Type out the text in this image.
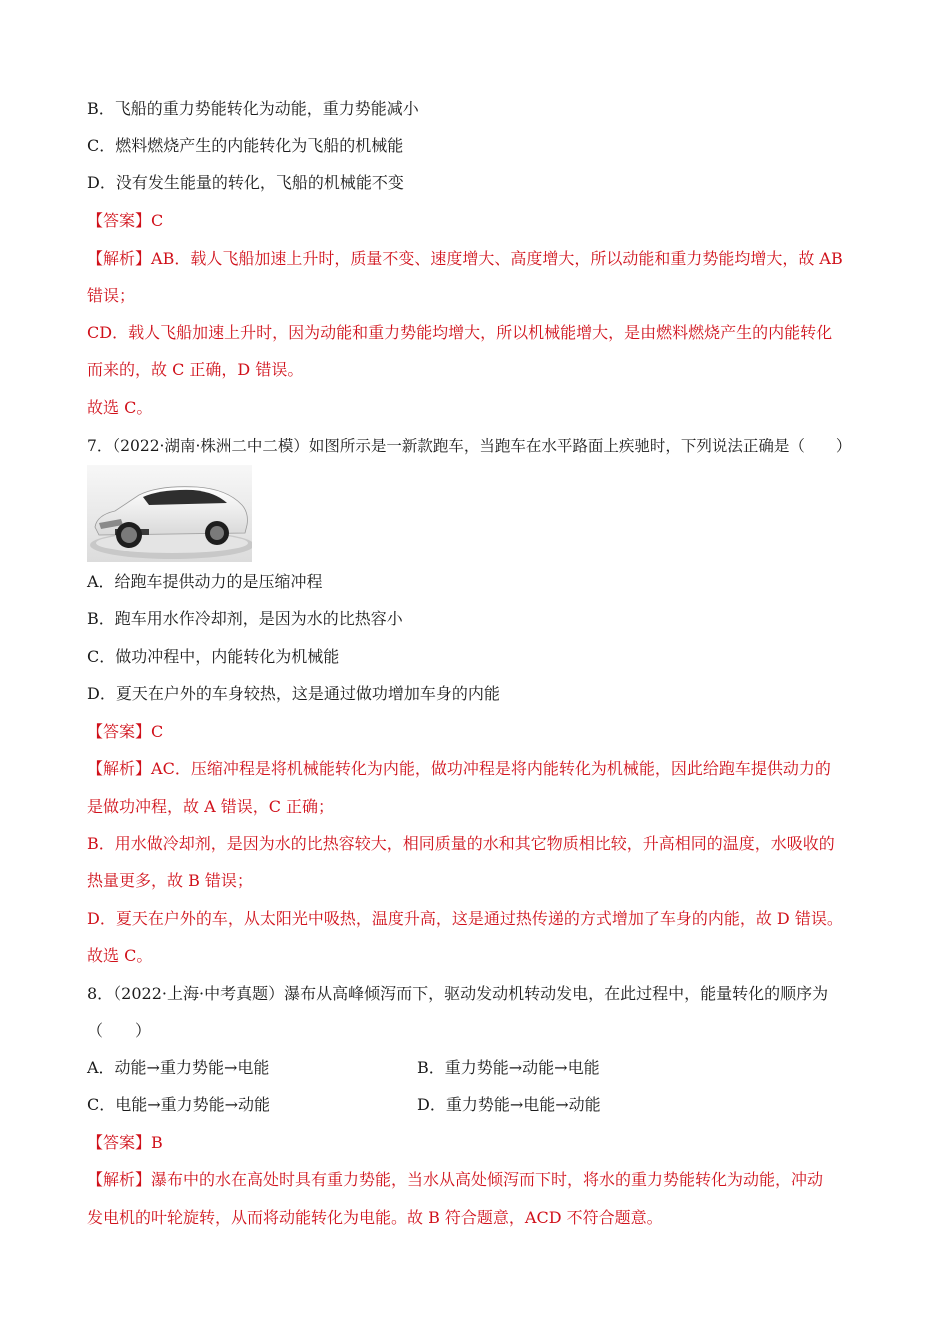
B．飞船的重力势能转化为动能，重力势能减小
C．燃料燃烧产生的内能转化为飞船的机械能
D．没有发生能量的转化，飞船的机械能不变
【答案】C
【解析】AB．载人飞船加速上升时，质量不变、速度增大、高度增大，所以动能和重力势能均增大，故 AB
错误；
CD．载人飞船加速上升时，因为动能和重力势能均增大，所以机械能增大，是由燃料燃烧产生的内能转化
而来的，故 C 正确，D 错误。
故选 C。
7．（2022·湖南·株洲二中二模）如图所示是一新款跑车，当跑车在水平路面上疾驰时，下列说法正确是（　　）
A．给跑车提供动力的是压缩冲程
B．跑车用水作冷却剂，是因为水的比热容小
C．做功冲程中，内能转化为机械能
D．夏天在户外的车身较热，这是通过做功增加车身的内能
【答案】C
【解析】AC．压缩冲程是将机械能转化为内能，做功冲程是将内能转化为机械能，因此给跑车提供动力的
是做功冲程，故 A 错误，C 正确；
B．用水做冷却剂，是因为水的比热容较大，相同质量的水和其它物质相比较，升高相同的温度，水吸收的
热量更多，故 B 错误；
D．夏天在户外的车，从太阳光中吸热，温度升高，这是通过热传递的方式增加了车身的内能，故 D 错误。
故选 C。
8．（2022·上海·中考真题）瀑布从高峰倾泻而下，驱动发动机转动发电，在此过程中，能量转化的顺序为
（　　）
A．动能→重力势能→电能	B．重力势能→动能→电能
C．电能→重力势能→动能	D．重力势能→电能→动能
【答案】B
【解析】瀑布中的水在高处时具有重力势能，当水从高处倾泻而下时，将水的重力势能转化为动能，冲动
发电机的叶轮旋转，从而将动能转化为电能。故 B 符合题意，ACD 不符合题意。
